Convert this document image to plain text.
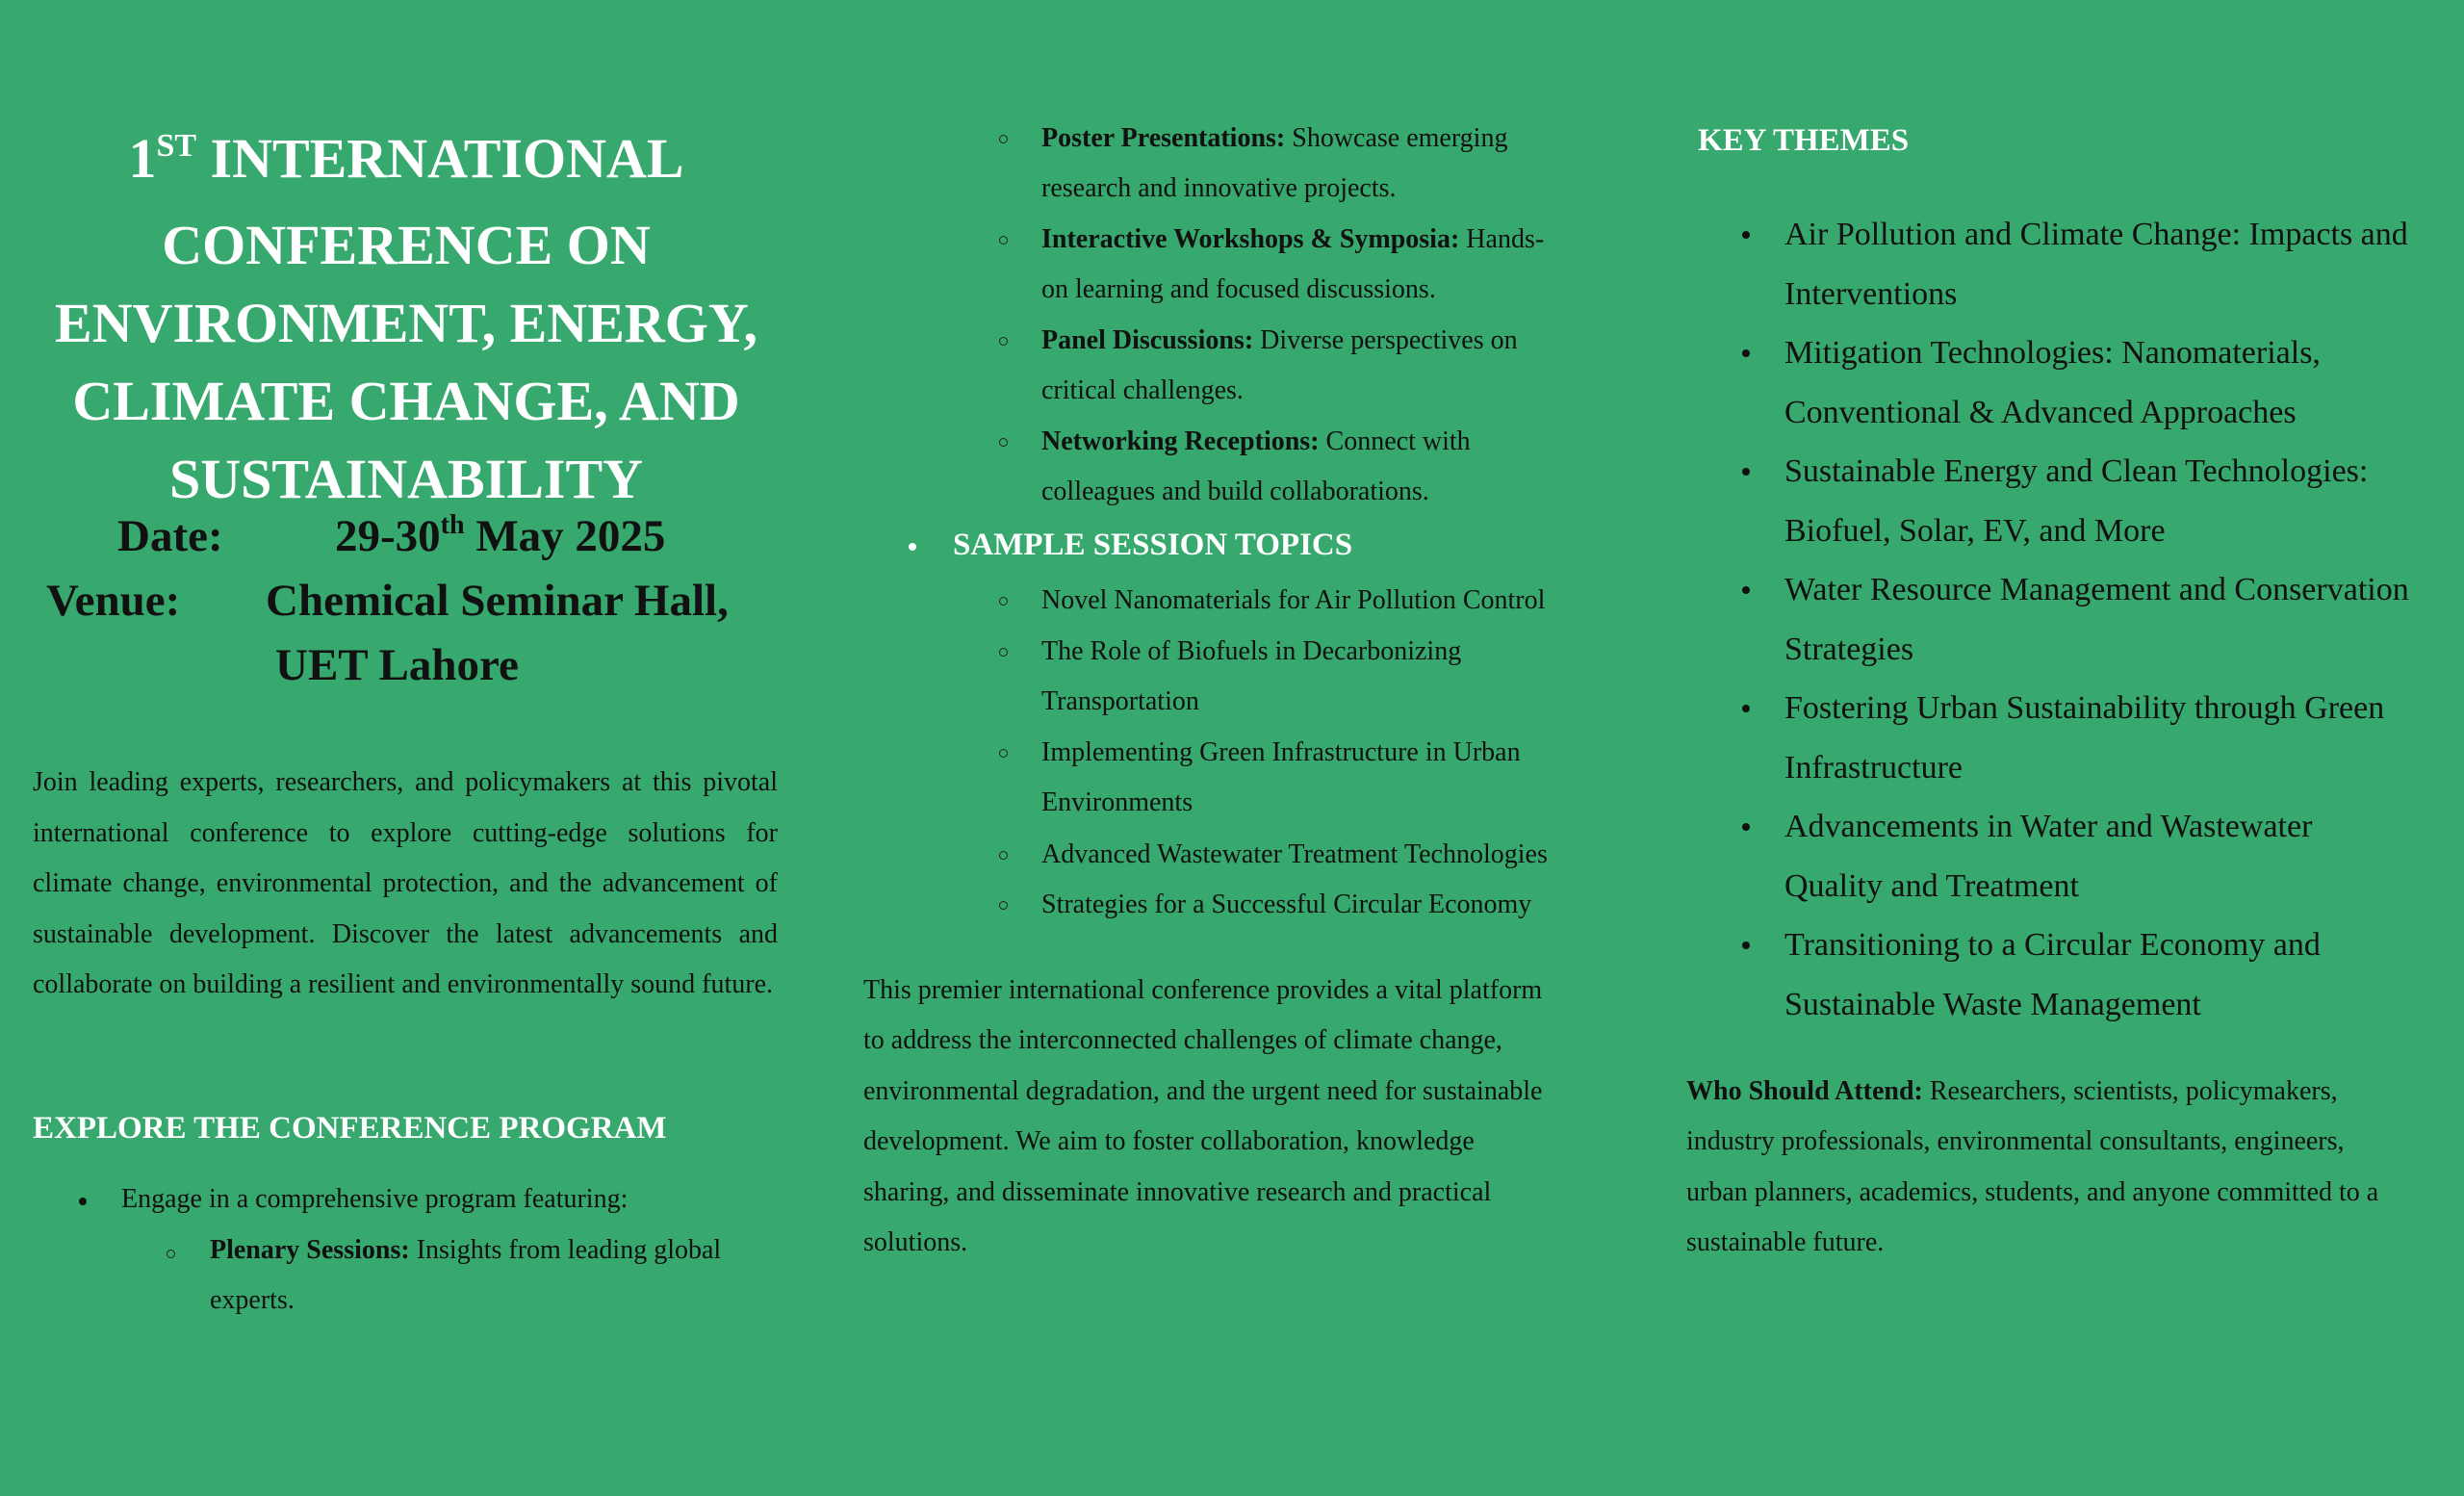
1ST INTERNATIONAL
CONFERENCE ON
ENVIRONMENT, ENERGY,
CLIMATE CHANGE, AND
SUSTAINABILITY
Date: 29-30th May 2025
Venue: Chemical Seminar Hall,
UET Lahore

Join leading experts, researchers, and policymakers at this pivotal international conference to explore cutting-edge solutions for climate change, environmental protection, and the advancement of sustainable development. Discover the latest advancements and collaborate on building a resilient and environmentally sound future.

EXPLORE THE CONFERENCE PROGRAM

Engage in a comprehensive program featuring:

Plenary Sessions: Insights from leading global

experts.

Poster Presentations: Showcase emerging

research and innovative projects.

Interactive Workshops & Symposia: Hands-

on learning and focused discussions.

Panel Discussions: Diverse perspectives on

critical challenges.

Networking Receptions: Connect with

colleagues and build collaborations.

SAMPLE SESSION TOPICS

Novel Nanomaterials for Air Pollution Control

The Role of Biofuels in Decarbonizing

Transportation

Implementing Green Infrastructure in Urban

Environments

Advanced Wastewater Treatment Technologies

Strategies for a Successful Circular Economy

This premier international conference provides a vital platform

to address the interconnected challenges of climate change,

environmental degradation, and the urgent need for sustainable

development. We aim to foster collaboration, knowledge

sharing, and disseminate innovative research and practical

solutions.

KEY THEMES

Air Pollution and Climate Change: Impacts and
Interventions

Mitigation Technologies: Nanomaterials,
Conventional & Advanced Approaches

Sustainable Energy and Clean Technologies:
Biofuel, Solar, EV, and More

Water Resource Management and Conservation
Strategies

Fostering Urban Sustainability through Green
Infrastructure

Advancements in Water and Wastewater
Quality and Treatment

Transitioning to a Circular Economy and
Sustainable Waste Management

Who Should Attend: Researchers, scientists, policymakers,

industry professionals, environmental consultants, engineers,

urban planners, academics, students, and anyone committed to a

sustainable future.
